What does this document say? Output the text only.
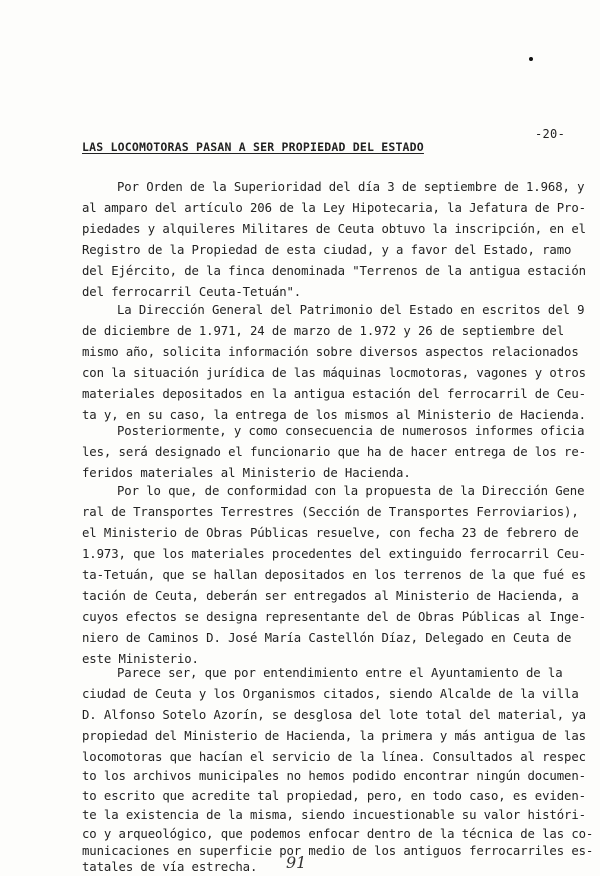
-20-
LAS LOCOMOTORAS PASAN A SER PROPIEDAD DEL ESTADO
Por Orden de la Superioridad del día 3 de septiembre de 1.968, y
al amparo del artículo 206 de la Ley Hipotecaria, la Jefatura de Pro-
piedades y alquileres Militares de Ceuta obtuvo la inscripción, en el
Registro de la Propiedad de esta ciudad, y a favor del Estado, ramo
del Ejército, de la finca denominada "Terrenos de la antigua estación
del ferrocarril Ceuta-Tetuán".
La Dirección General del Patrimonio del Estado en escritos del 9
de diciembre de 1.971, 24 de marzo de 1.972 y 26 de septiembre del
mismo año, solicita información sobre diversos aspectos relacionados
con la situación jurídica de las máquinas locmotoras, vagones y otros
materiales depositados en la antigua estación del ferrocarril de Ceu-
ta y, en su caso, la entrega de los mismos al Ministerio de Hacienda.
Posteriormente, y como consecuencia de numerosos informes oficia
les, será designado el funcionario que ha de hacer entrega de los re-
feridos materiales al Ministerio de Hacienda.
Por lo que, de conformidad con la propuesta de la Dirección Gene
ral de Transportes Terrestres (Sección de Transportes Ferroviarios),
el Ministerio de Obras Públicas resuelve, con fecha 23 de febrero de
1.973, que los materiales procedentes del extinguido ferrocarril Ceu-
ta-Tetuán, que se hallan depositados en los terrenos de la que fué es
tación de Ceuta, deberán ser entregados al Ministerio de Hacienda, a
cuyos efectos se designa representante del de Obras Públicas al Inge-
niero de Caminos D. José María Castellón Díaz, Delegado en Ceuta de
este Ministerio.
Parece ser, que por entendimiento entre el Ayuntamiento de la
ciudad de Ceuta y los Organismos citados, siendo Alcalde de la villa
D. Alfonso Sotelo Azorín, se desglosa del lote total del material, ya
propiedad del Ministerio de Hacienda, la primera y más antigua de las
locomotoras que hacían el servicio de la línea. Consultados al respec
to los archivos municipales no hemos podido encontrar ningún documen-
to escrito que acredite tal propiedad, pero, en todo caso, es eviden-
te la existencia de la misma, siendo incuestionable su valor históri-
co y arqueológico, que podemos enfocar dentro de la técnica de las co-
municaciones en superficie por medio de los antiguos ferrocarriles es-
tatales de vía estrecha. 91
